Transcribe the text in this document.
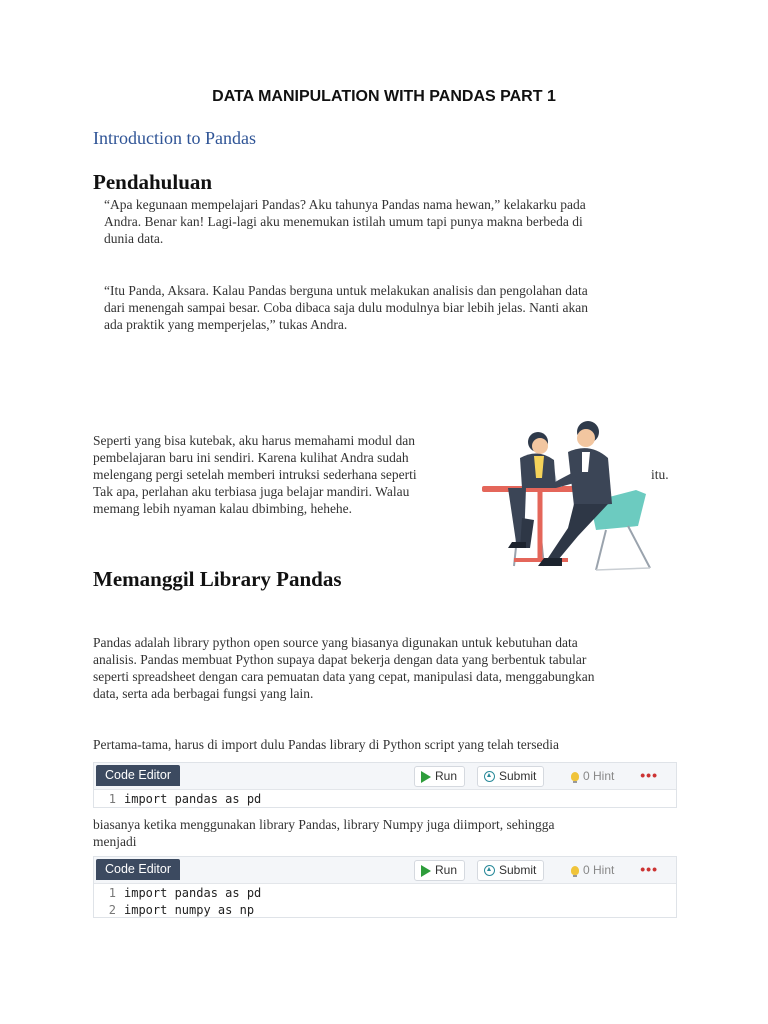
DATA MANIPULATION WITH PANDAS PART 1
Introduction to Pandas
Pendahuluan
“Apa kegunaan mempelajari Pandas? Aku tahunya Pandas nama hewan,” kelakarku pada
Andra. Benar kan! Lagi-lagi aku menemukan istilah umum tapi punya makna berbeda di
dunia data.
“Itu Panda, Aksara. Kalau Pandas berguna untuk melakukan analisis dan pengolahan data
dari menengah sampai besar. Coba dibaca saja dulu modulnya biar lebih jelas. Nanti akan
ada praktik yang memperjelas,” tukas Andra.
Seperti yang bisa kutebak, aku harus memahami modul dan
pembelajaran baru ini sendiri. Karena kulihat Andra sudah
melengang pergi setelah memberi intruksi sederhana seperti
Tak apa, perlahan aku terbiasa juga belajar mandiri. Walau
memang lebih nyaman kalau dbimbing, hehehe.
itu.
Memanggil Library Pandas
Pandas adalah library python open source yang biasanya digunakan untuk kebutuhan data
analisis. Pandas membuat Python supaya dapat bekerja dengan data yang berbentuk tabular
seperti spreadsheet dengan cara pemuatan data yang cepat, manipulasi data, menggabungkan
data, serta ada berbagai fungsi yang lain.
Pertama-tama, harus di import dulu Pandas library di Python script yang telah tersedia
Code Editor	Run	Submit	0 Hint •••
1 import pandas as pd
biasanya ketika menggunakan library Pandas, library Numpy juga diimport, sehingga
menjadi
Code Editor	Run	Submit	0 Hint •••
1 import pandas as pd
2 import numpy as np
